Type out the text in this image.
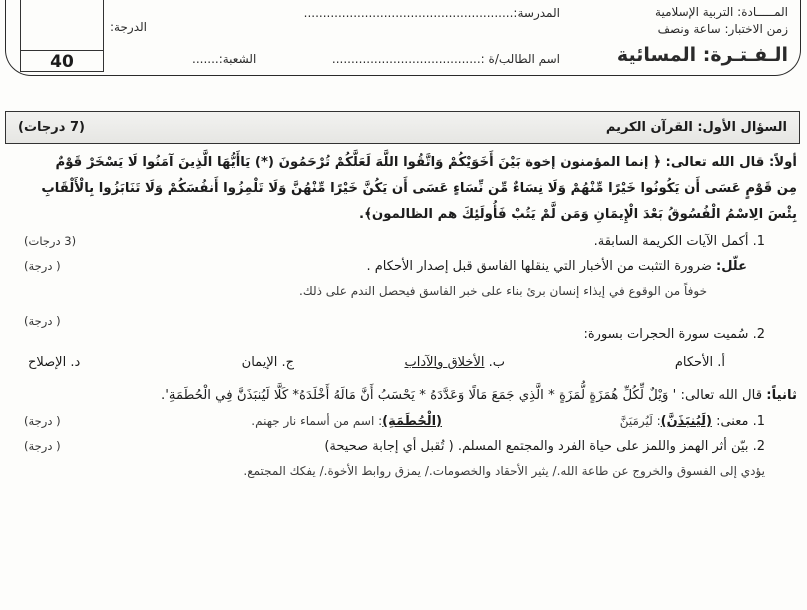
المـــــادة: التربية الإسلامية
زمن الاختبار: ساعة ونصف
الـفـتـرة: المسائية
المدرسة:.......................................................
اسم الطالب/ة :.......................................
الشعبة:.......
الدرجة:
40
السؤال الأول: القرآن الكريم
(7 درجات)
أولاً: قال الله تعالى: ﴿ إنما المؤمنون إخوة بَيْنَ أَخَوَيْكُمْ وَاتَّقُوا اللَّهَ لَعَلَّكُمْ تُرْحَمُونَ (*) يَاأَيُّهَا الَّذِينَ آمَنُوا لَا يَسْخَرْ قَوْمٌ
مِن قَوْمٍ عَسَى أَن يَكُونُوا خَيْرًا مِّنْهُمْ وَلَا نِسَاءٌ مِّن نِّسَاءٍ عَسَى أَن يَكُنَّ خَيْرًا مِّنْهُنَّ وَلَا تَلْمِزُوا أَنفُسَكُمْ وَلَا تَنَابَزُوا بِالْأَلْقَابِ
بِئْسَ الِاسْمُ الْفُسُوقُ بَعْدَ الْإِيمَانِ وَمَن لَّمْ يَتُبْ فَأُولَئِكَ هم الظالمون﴾.
1. أكمل الآيات الكريمة السابقة.
(3 درجات)
علّل: ضرورة التثبت من الأخبار التي ينقلها الفاسق قبل إصدار الأحكام .
( درجة)
خوفاً من الوقوع في إيذاء إنسان برئ بناء على خبر الفاسق فيحصل الندم على ذلك.
2. سُميت سورة الحجرات بسورة:
( درجة)
أ. الأحكام
ب. الأخلاق والآداب
ج. الإيمان
د. الإصلاح
ثانياً: قال الله تعالى: ' وَيْلٌ لِّكُلِّ هُمَزَةٍ لُّمَزَةٍ * الَّذِي جَمَعَ مَالًا وَعَدَّدَهُ * يَحْسَبُ أَنَّ مَالَهُ أَخْلَدَهُ* كَلَّا لَيُنبَذَنَّ فِي الْحُطَمَةِ'.
1. معنى: (لَيُنبَذَنَّ): لَيُرمَيَنَّ
(الْحُطَمَةِ): اسم من أسماء نار جهنم.
( درجة)
2. بيّن أثر الهمز واللمز على حياة الفرد والمجتمع المسلم. ( تُقبل أي إجابة صحيحة)
( درجة)
يؤدي إلى الفسوق والخروج عن طاعة الله./ يثير الأحقاد والخصومات./ يمزق روابط الأخوة./ يفكك المجتمع.
